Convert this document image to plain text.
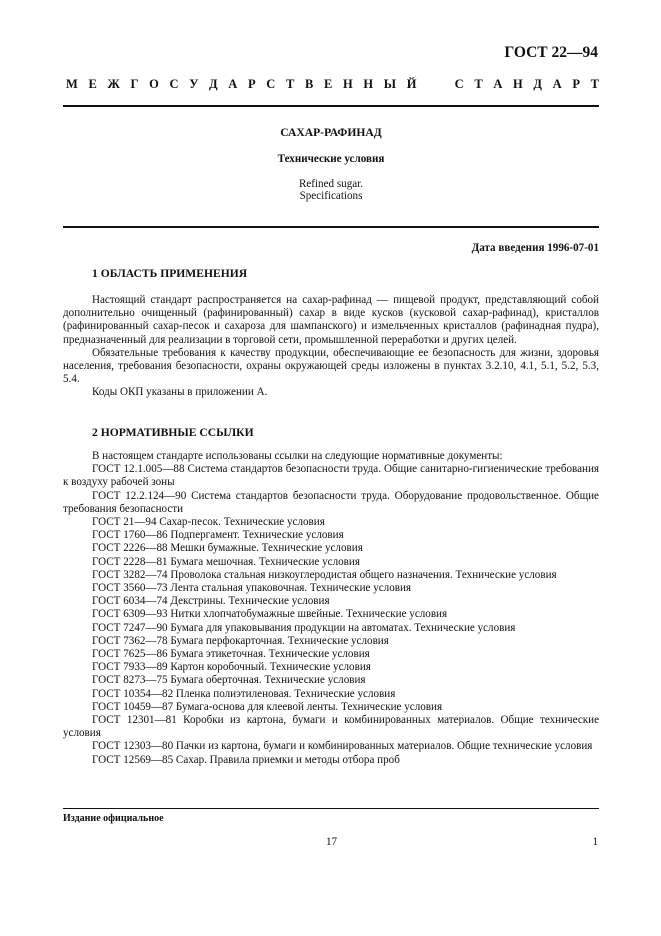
ГОСТ 22—94
М Е Ж Г О С У Д А Р С Т В Е Н Н Ы Й

	С Т А Н Д А Р Т
САХАР-РАФИНАД
Технические условия
Refined sugar.
Specifications
Дата введения 1996-07-01
1 ОБЛАСТЬ ПРИМЕНЕНИЯ

Настоящий стандарт распространяется на сахар-рафинад — пищевой продукт, представляющий собой дополнительно очищенный (рафинированный) сахар в виде кусков (кусковой сахар-рафинад), кристаллов (рафинированный сахар-песок и сахароза для шампанского) и измельченных кристаллов (рафинадная пудра), предназначенный для реализации в торговой сети, промышленной переработки и других целей.

Обязательные требования к качеству продукции, обеспечивающие ее безопасность для жизни, здоровья населения, требования безопасности, охраны окружающей среды изложены в пунктах 3.2.10, 4.1, 5.1, 5.2, 5.3, 5.4.

Коды ОКП указаны в приложении А.

2 НОРМАТИВНЫЕ ССЫЛКИ

В настоящем стандарте использованы ссылки на следующие нормативные документы:

ГОСТ 12.1.005—88 Система стандартов безопасности труда. Общие санитарно-гигиенические требования к воздуху рабочей зоны

ГОСТ 12.2.124—90 Система стандартов безопасности труда. Оборудование продовольственное. Общие требования безопасности

ГОСТ 21—94 Сахар-песок. Технические условия

ГОСТ 1760—86 Подпергамент. Технические условия

ГОСТ 2226—88 Мешки бумажные. Технические условия

ГОСТ 2228—81 Бумага мешочная. Технические условия

ГОСТ 3282—74 Проволока стальная низкоуглеродистая общего назначения. Технические условия

ГОСТ 3560—73 Лента стальная упаковочная. Технические условия

ГОСТ 6034—74 Декстрины. Технические условия

ГОСТ 6309—93 Нитки хлопчатобумажные швейные. Технические условия

ГОСТ 7247—90 Бумага для упаковывания продукции на автоматах. Технические условия

ГОСТ 7362—78 Бумага перфокарточная. Технические условия

ГОСТ 7625—86 Бумага этикеточная. Технические условия

ГОСТ 7933—89 Картон коробочный. Технические условия

ГОСТ 8273—75 Бумага оберточная. Технические условия

ГОСТ 10354—82 Пленка полиэтиленовая. Технические условия

ГОСТ 10459—87 Бумага-основа для клеевой ленты. Технические условия

ГОСТ 12301—81 Коробки из картона, бумаги и комбинированных материалов. Общие технические условия

ГОСТ 12303—80 Пачки из картона, бумаги и комбинированных материалов. Общие технические условия

ГОСТ 12569—85 Сахар. Правила приемки и методы отбора проб

Издание официальное
17	1
